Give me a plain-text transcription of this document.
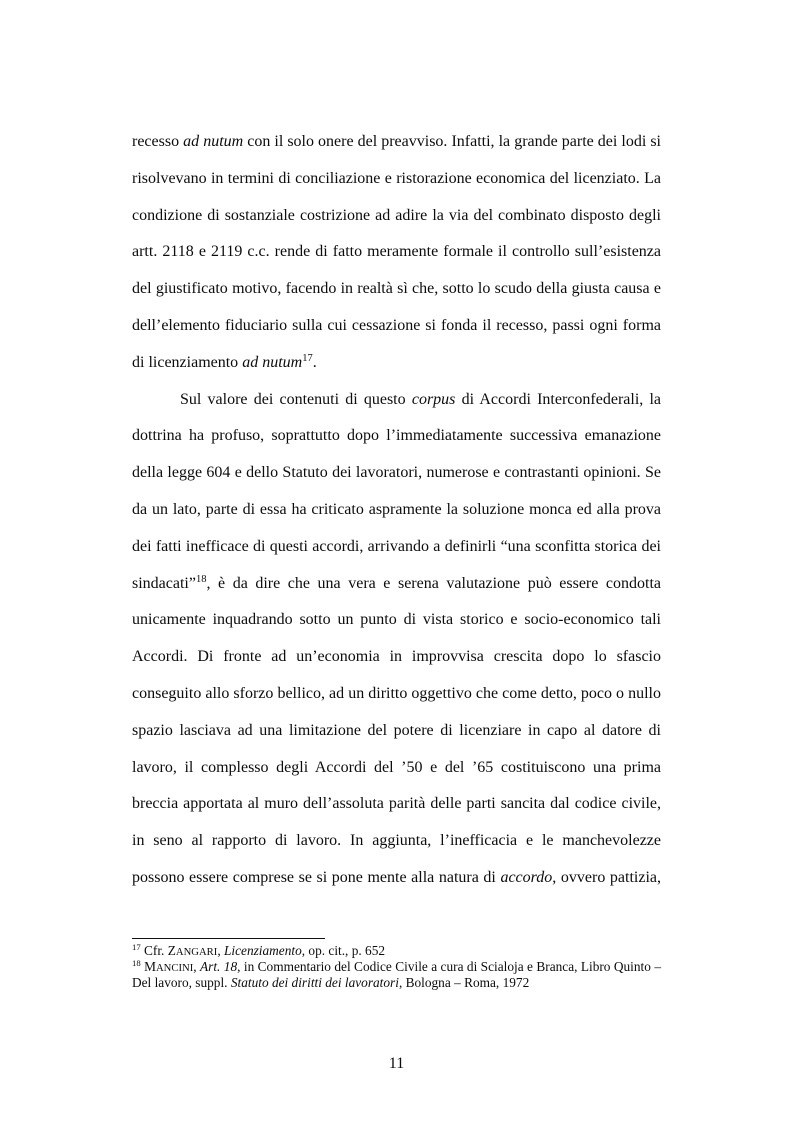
recesso ad nutum con il solo onere del preavviso. Infatti, la grande parte dei lodi si
risolvevano in termini di conciliazione e ristorazione economica del licenziato. La
condizione di sostanziale costrizione ad adire la via del combinato disposto degli
artt. 2118 e 2119 c.c. rende di fatto meramente formale il controllo sull’esistenza
del giustificato motivo, facendo in realtà sì che, sotto lo scudo della giusta causa e
dell’elemento fiduciario sulla cui cessazione si fonda il recesso, passi ogni forma
di licenziamento ad nutum$^{17}$.
Sul valore dei contenuti di questo corpus di Accordi Interconfederali, la
dottrina ha profuso, soprattutto dopo l’immediatamente successiva emanazione
della legge 604 e dello Statuto dei lavoratori, numerose e contrastanti opinioni. Se
da un lato, parte di essa ha criticato aspramente la soluzione monca ed alla prova
dei fatti inefficace di questi accordi, arrivando a definirli “una sconfitta storica dei
sindacati”$^{18}$, è da dire che una vera e serena valutazione può essere condotta
unicamente inquadrando sotto un punto di vista storico e socio-economico tali
Accordi. Di fronte ad un’economia in improvvisa crescita dopo lo sfascio
conseguito allo sforzo bellico, ad un diritto oggettivo che come detto, poco o nullo
spazio lasciava ad una limitazione del potere di licenziare in capo al datore di
lavoro, il complesso degli Accordi del ’50 e del ’65 costituiscono una prima
breccia apportata al muro dell’assoluta parità delle parti sancita dal codice civile,
in seno al rapporto di lavoro. In aggiunta, l’inefficacia e le manchevolezze
possono essere comprese se si pone mente alla natura di accordo, ovvero pattizia,
$^{17}$ Cfr. ZANGARI, Licenziamento, op. cit., p. 652
$^{18}$ MANCINI, Art. 18, in Commentario del Codice Civile a cura di Scialoja e Branca, Libro Quinto –
Del lavoro, suppl. Statuto dei diritti dei lavoratori, Bologna – Roma, 1972
11
